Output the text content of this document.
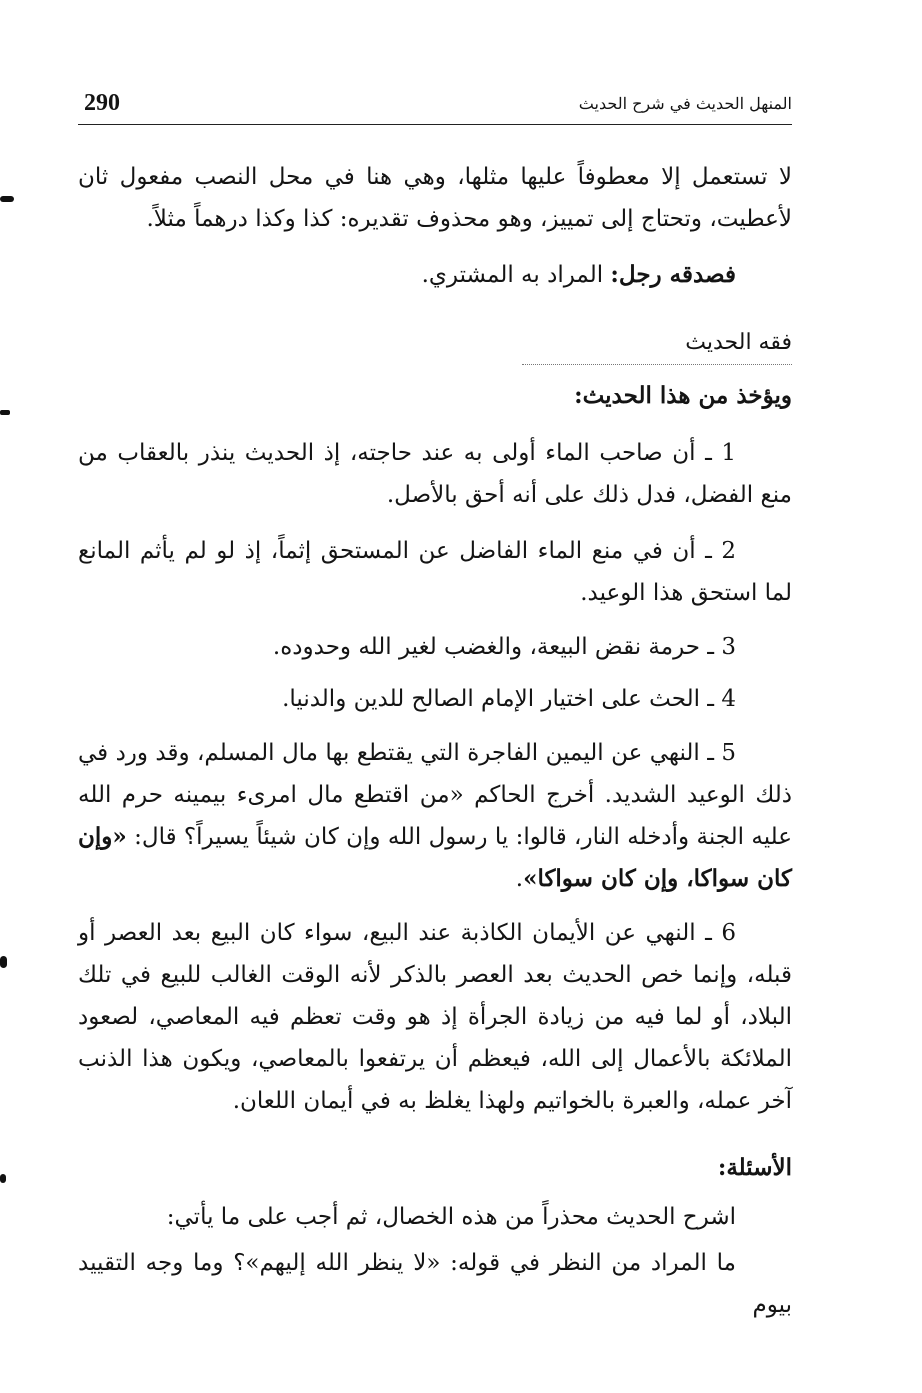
290	المنهل الحديث في شرح الحديث

لا تستعمل إلا معطوفاً عليها مثلها، وهي هنا في محل النصب مفعول ثان لأعطيت، وتحتاج إلى تمييز، وهو محذوف تقديره: كذا وكذا درهماً مثلاً.

فصدقه رجل: المراد به المشتري.

فقه الحديث

ويؤخذ من هذا الحديث:

1 ـ أن صاحب الماء أولى به عند حاجته، إذ الحديث ينذر بالعقاب من منع الفضل، فدل ذلك على أنه أحق بالأصل.

2 ـ أن في منع الماء الفاضل عن المستحق إثماً، إذ لو لم يأثم المانع لما استحق هذا الوعيد.

3 ـ حرمة نقض البيعة، والغضب لغير الله وحدوده.

4 ـ الحث على اختيار الإمام الصالح للدين والدنيا.

5 ـ النهي عن اليمين الفاجرة التي يقتطع بها مال المسلم، وقد ورد في ذلك الوعيد الشديد. أخرج الحاكم «من اقتطع مال امرىء بيمينه حرم الله عليه الجنة وأدخله النار، قالوا: يا رسول الله وإن كان شيئاً يسيراً؟ قال: «وإن كان سواكا، وإن كان سواكا».

6 ـ النهي عن الأيمان الكاذبة عند البيع، سواء كان البيع بعد العصر أو قبله، وإنما خص الحديث بعد العصر بالذكر لأنه الوقت الغالب للبيع في تلك البلاد، أو لما فيه من زيادة الجرأة إذ هو وقت تعظم فيه المعاصي، لصعود الملائكة بالأعمال إلى الله، فيعظم أن يرتفعوا بالمعاصي، ويكون هذا الذنب آخر عمله، والعبرة بالخواتيم ولهذا يغلظ به في أيمان اللعان.

الأسئلة:

اشرح الحديث محذراً من هذه الخصال، ثم أجب على ما يأتي:

ما المراد من النظر في قوله: «لا ينظر الله إليهم»؟ وما وجه التقييد بيوم
